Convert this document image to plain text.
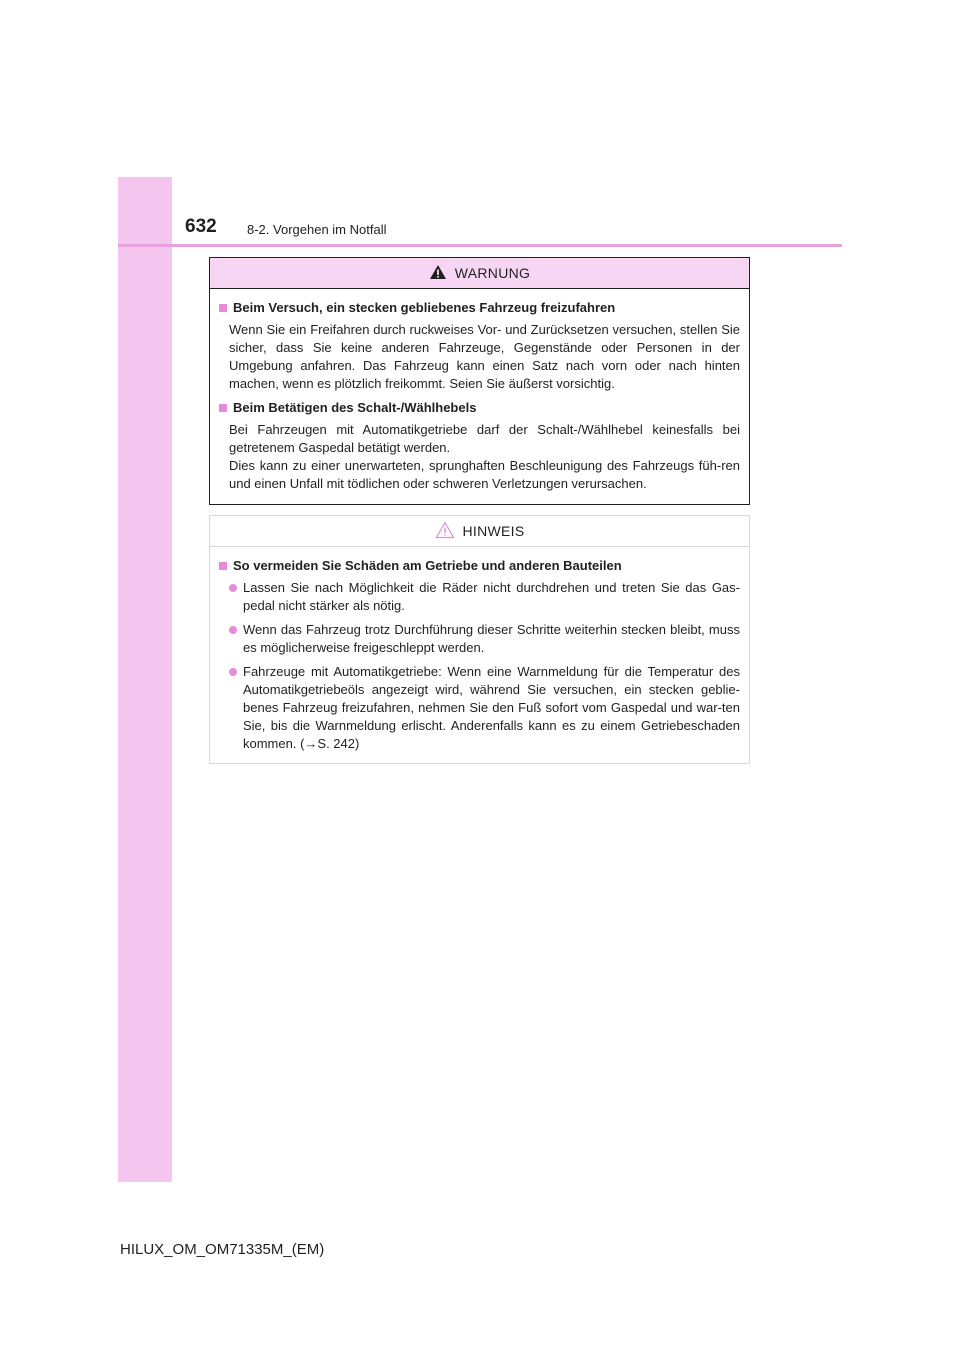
632 8-2. Vorgehen im Notfall
WARNUNG
Beim Versuch, ein stecken gebliebenes Fahrzeug freizufahren
Wenn Sie ein Freifahren durch ruckweises Vor- und Zurücksetzen versuchen, stellen Sie sicher, dass Sie keine anderen Fahrzeuge, Gegenstände oder Personen in der Umgebung anfahren. Das Fahrzeug kann einen Satz nach vorn oder nach hinten machen, wenn es plötzlich freikommt. Seien Sie äußerst vorsichtig.
Beim Betätigen des Schalt-/Wählhebels
Bei Fahrzeugen mit Automatikgetriebe darf der Schalt-/Wählhebel keinesfalls bei getretenem Gaspedal betätigt werden.
Dies kann zu einer unerwarteten, sprunghaften Beschleunigung des Fahrzeugs füh-ren und einen Unfall mit tödlichen oder schweren Verletzungen verursachen.
HINWEIS
So vermeiden Sie Schäden am Getriebe und anderen Bauteilen
Lassen Sie nach Möglichkeit die Räder nicht durchdrehen und treten Sie das Gas-pedal nicht stärker als nötig.
Wenn das Fahrzeug trotz Durchführung dieser Schritte weiterhin stecken bleibt, muss es möglicherweise freigeschleppt werden.
Fahrzeuge mit Automatikgetriebe: Wenn eine Warnmeldung für die Temperatur des Automatikgetriebeöls angezeigt wird, während Sie versuchen, ein stecken geblie-benes Fahrzeug freizufahren, nehmen Sie den Fuß sofort vom Gaspedal und war-ten Sie, bis die Warnmeldung erlischt. Anderenfalls kann es zu einem Getriebeschaden kommen. (→S. 242)
HILUX_OM_OM71335M_(EM)
